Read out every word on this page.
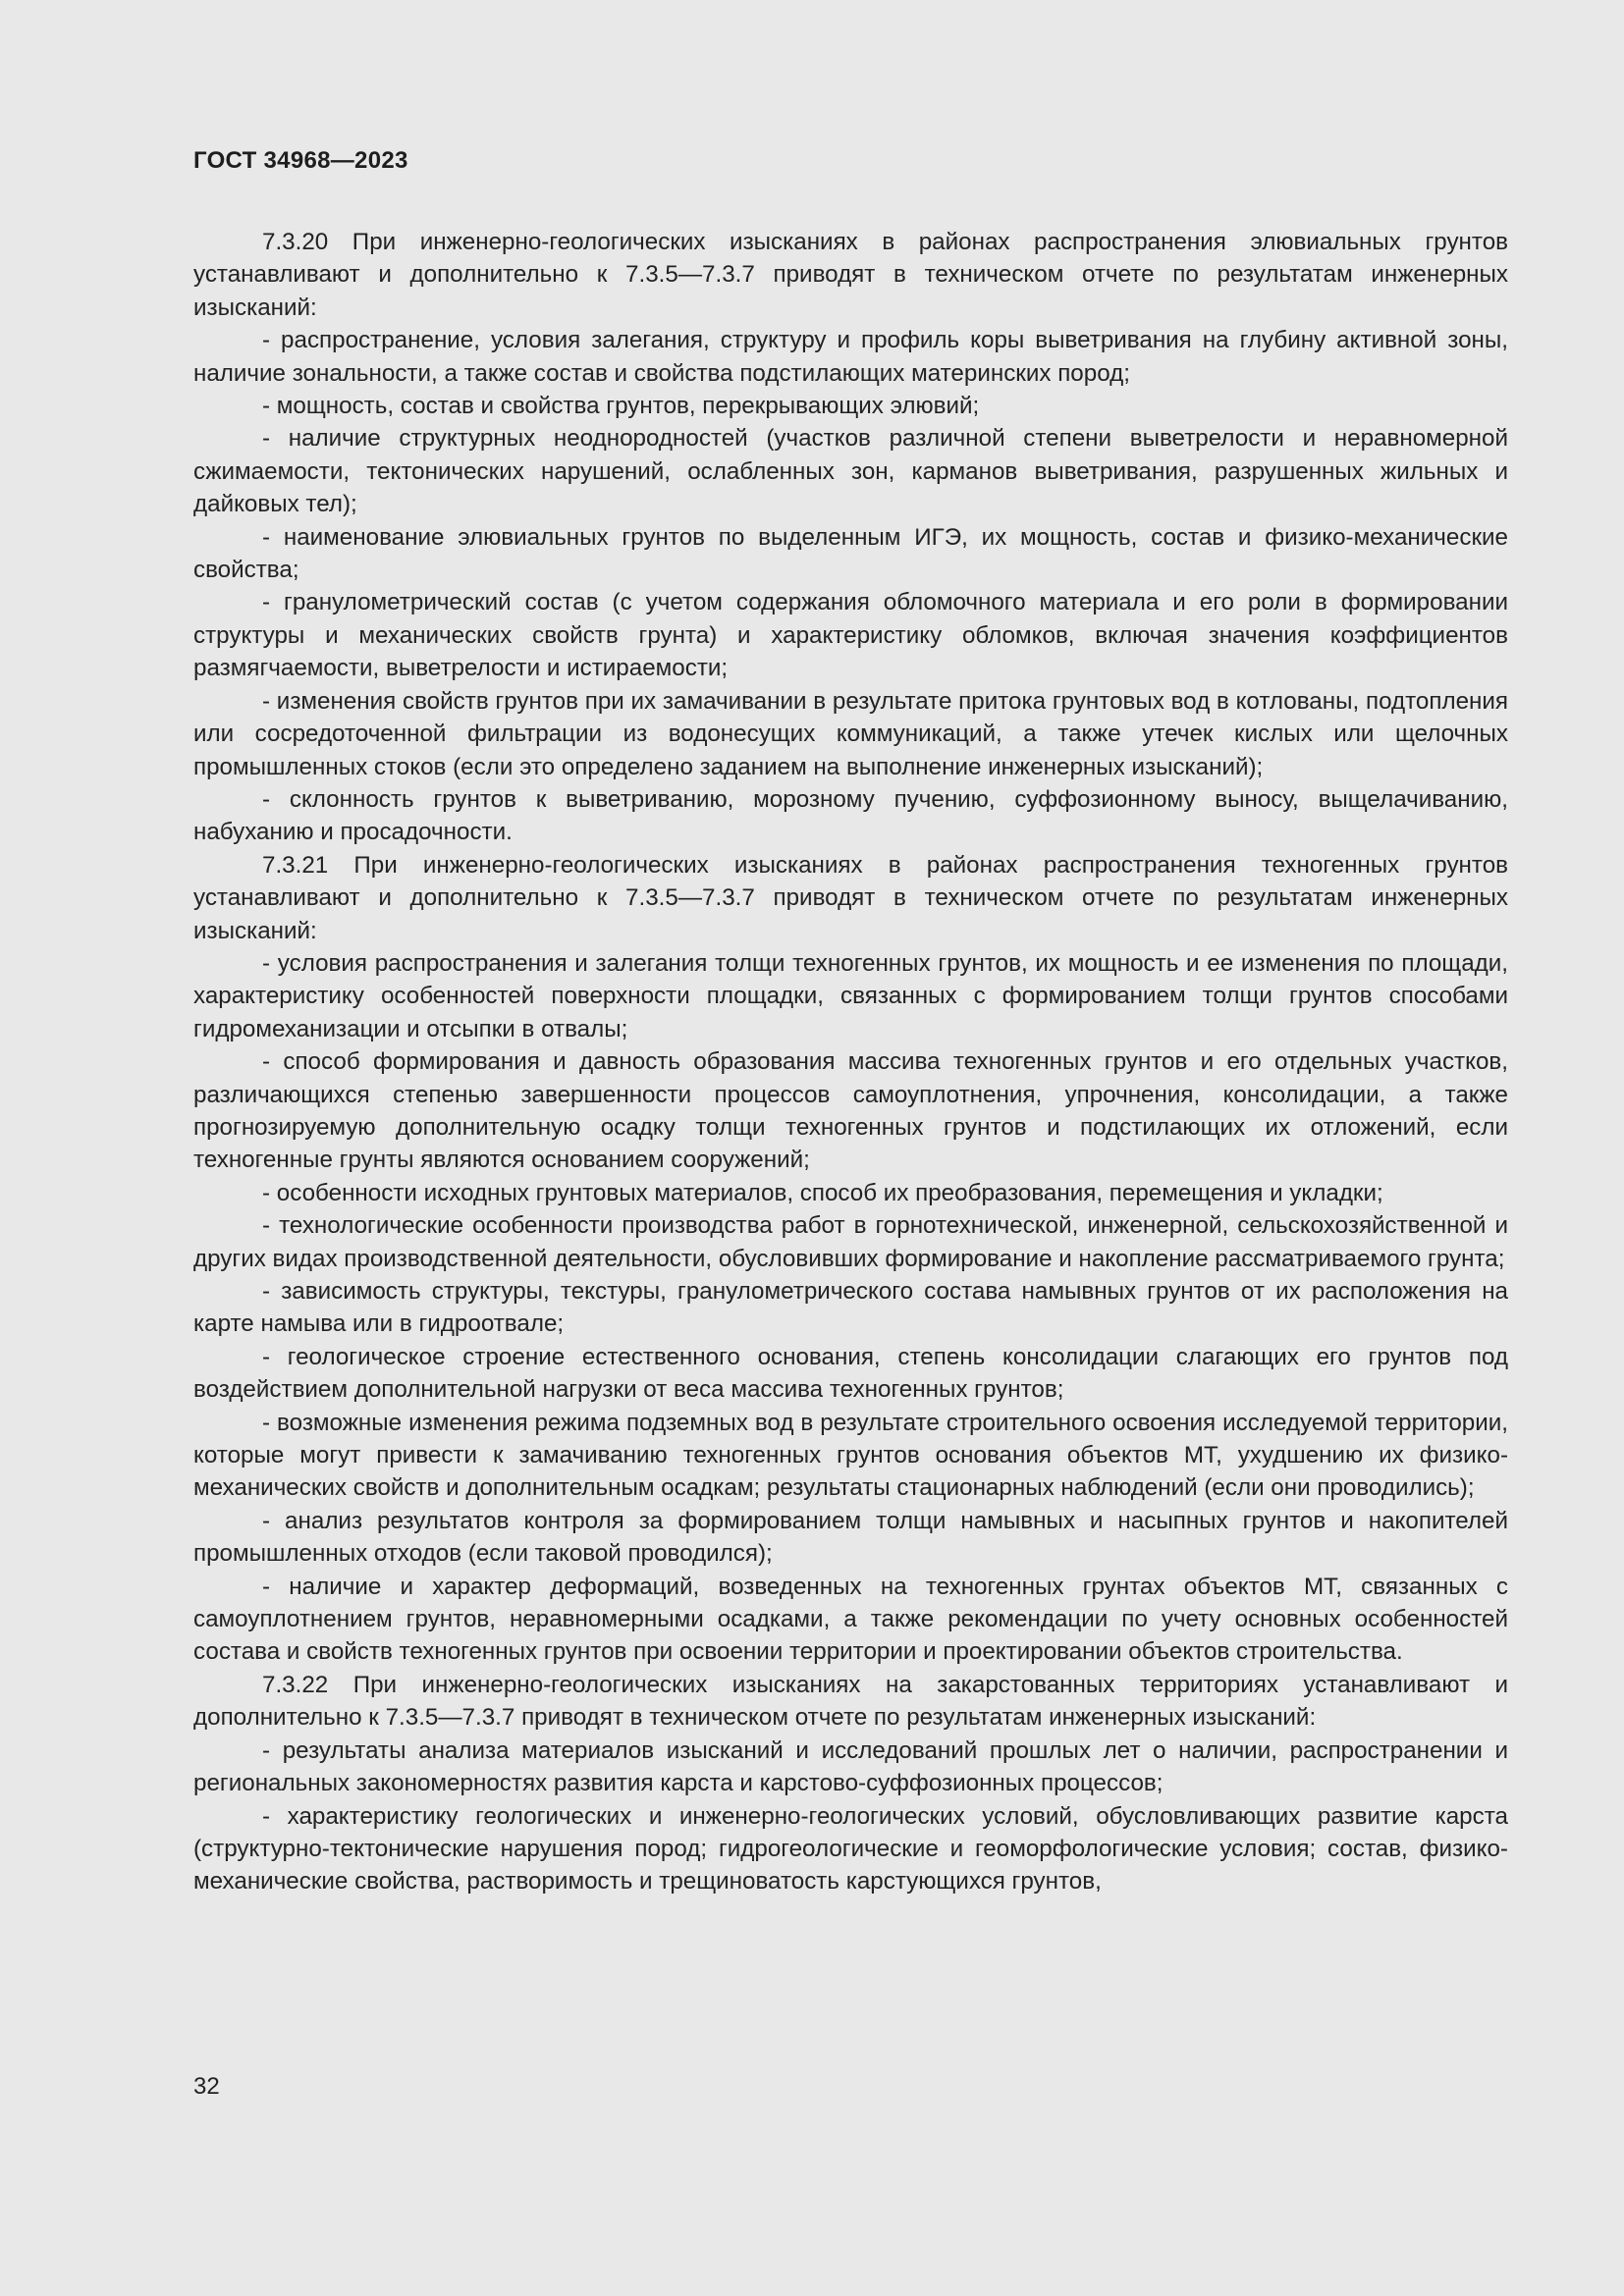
ГОСТ 34968—2023

7.3.20 При инженерно-геологических изысканиях в районах распространения элювиальных грунтов устанавливают и дополнительно к 7.3.5—7.3.7 приводят в техническом отчете по результатам инженерных изысканий:

- распространение, условия залегания, структуру и профиль коры выветривания на глубину активной зоны, наличие зональности, а также состав и свойства подстилающих материнских пород;

- мощность, состав и свойства грунтов, перекрывающих элювий;

- наличие структурных неоднородностей (участков различной степени выветрелости и неравномерной сжимаемости, тектонических нарушений, ослабленных зон, карманов выветривания, разрушенных жильных и дайковых тел);

- наименование элювиальных грунтов по выделенным ИГЭ, их мощность, состав и физико-механические свойства;

- гранулометрический состав (с учетом содержания обломочного материала и его роли в формировании структуры и механических свойств грунта) и характеристику обломков, включая значения коэффициентов размягчаемости, выветрелости и истираемости;

- изменения свойств грунтов при их замачивании в результате притока грунтовых вод в котлованы, подтопления или сосредоточенной фильтрации из водонесущих коммуникаций, а также утечек кислых или щелочных промышленных стоков (если это определено заданием на выполнение инженерных изысканий);

- склонность грунтов к выветриванию, морозному пучению, суффозионному выносу, выщелачиванию, набуханию и просадочности.

7.3.21 При инженерно-геологических изысканиях в районах распространения техногенных грунтов устанавливают и дополнительно к 7.3.5—7.3.7 приводят в техническом отчете по результатам инженерных изысканий:

- условия распространения и залегания толщи техногенных грунтов, их мощность и ее изменения по площади, характеристику особенностей поверхности площадки, связанных с формированием толщи грунтов способами гидромеханизации и отсыпки в отвалы;

- способ формирования и давность образования массива техногенных грунтов и его отдельных участков, различающихся степенью завершенности процессов самоуплотнения, упрочнения, консолидации, а также прогнозируемую дополнительную осадку толщи техногенных грунтов и подстилающих их отложений, если техногенные грунты являются основанием сооружений;

- особенности исходных грунтовых материалов, способ их преобразования, перемещения и укладки;

- технологические особенности производства работ в горнотехнической, инженерной, сельскохозяйственной и других видах производственной деятельности, обусловивших формирование и накопление рассматриваемого грунта;

- зависимость структуры, текстуры, гранулометрического состава намывных грунтов от их расположения на карте намыва или в гидроотвале;

- геологическое строение естественного основания, степень консолидации слагающих его грунтов под воздействием дополнительной нагрузки от веса массива техногенных грунтов;

- возможные изменения режима подземных вод в результате строительного освоения исследуемой территории, которые могут привести к замачиванию техногенных грунтов основания объектов МТ, ухудшению их физико-механических свойств и дополнительным осадкам; результаты стационарных наблюдений (если они проводились);

- анализ результатов контроля за формированием толщи намывных и насыпных грунтов и накопителей промышленных отходов (если таковой проводился);

- наличие и характер деформаций, возведенных на техногенных грунтах объектов МТ, связанных с самоуплотнением грунтов, неравномерными осадками, а также рекомендации по учету основных особенностей состава и свойств техногенных грунтов при освоении территории и проектировании объектов строительства.

7.3.22 При инженерно-геологических изысканиях на закарстованных территориях устанавливают и дополнительно к 7.3.5—7.3.7 приводят в техническом отчете по результатам инженерных изысканий:

- результаты анализа материалов изысканий и исследований прошлых лет о наличии, распространении и региональных закономерностях развития карста и карстово-суффозионных процессов;

- характеристику геологических и инженерно-геологических условий, обусловливающих развитие карста (структурно-тектонические нарушения пород; гидрогеологические и геоморфологические условия; состав, физико-механические свойства, растворимость и трещиноватость карстующихся грунтов,

32
